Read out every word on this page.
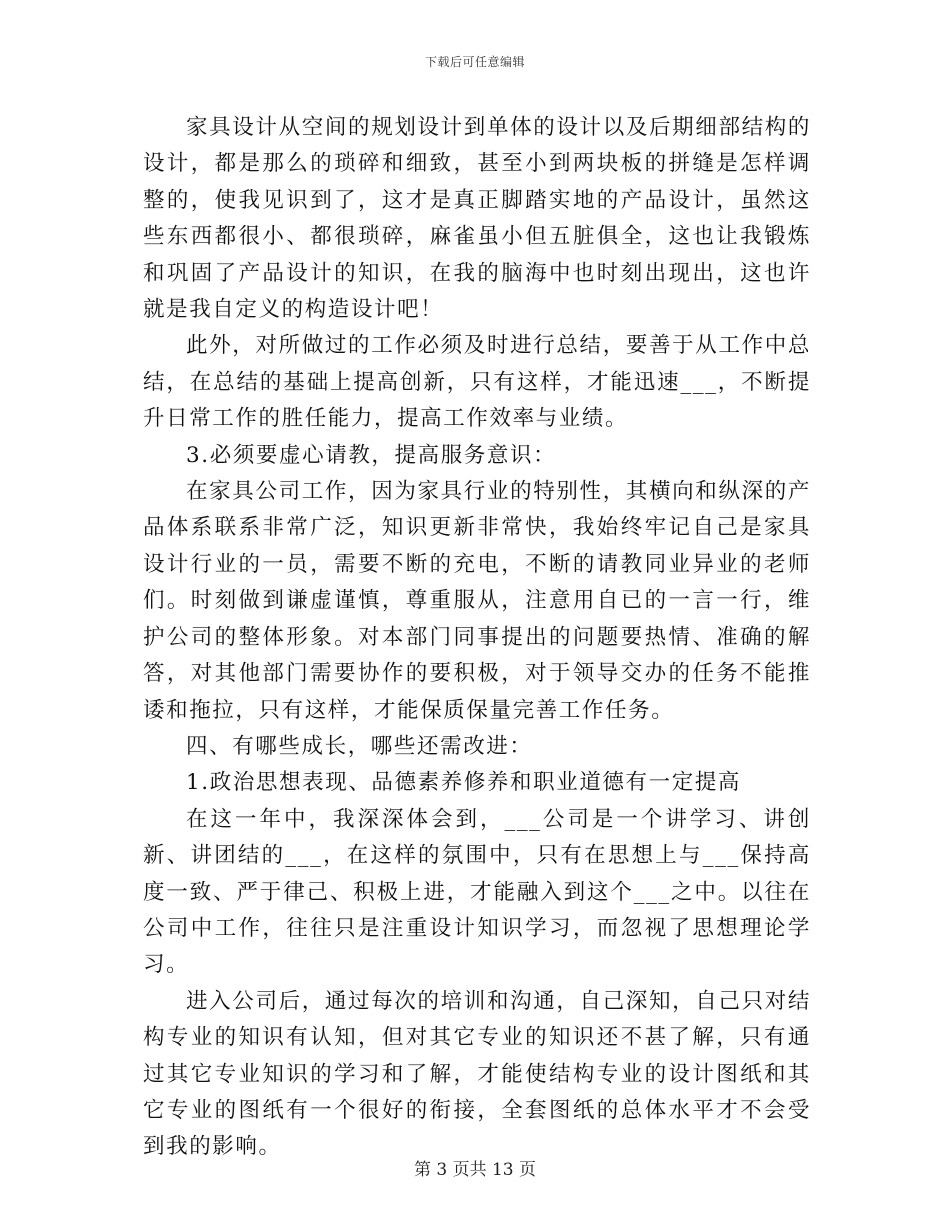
下载后可任意编辑

家具设计从空间的规划设计到单体的设计以及后期细部结构的设计，都是那么的琐碎和细致，甚至小到两块板的拼缝是怎样调整的，使我见识到了，这才是真正脚踏实地的产品设计，虽然这些东西都很小、都很琐碎，麻雀虽小但五脏俱全，这也让我锻炼和巩固了产品设计的知识，在我的脑海中也时刻出现出，这也许就是我自定义的构造设计吧！

此外，对所做过的工作必须及时进行总结，要善于从工作中总结，在总结的基础上提高创新，只有这样，才能迅速___，不断提升日常工作的胜任能力，提高工作效率与业绩。

3.必须要虚心请教，提高服务意识：

在家具公司工作，因为家具行业的特别性，其横向和纵深的产品体系联系非常广泛，知识更新非常快，我始终牢记自己是家具设计行业的一员，需要不断的充电，不断的请教同业异业的老师们。时刻做到谦虚谨慎，尊重服从，注意用自已的一言一行，维护公司的整体形象。对本部门同事提出的问题要热情、准确的解答，对其他部门需要协作的要积极，对于领导交办的任务不能推诿和拖拉，只有这样，才能保质保量完善工作任务。

四、有哪些成长，哪些还需改进：

1.政治思想表现、品德素养修养和职业道德有一定提高

在这一年中，我深深体会到，___公司是一个讲学习、讲创新、讲团结的___，在这样的氛围中，只有在思想上与___保持高度一致、严于律己、积极上进，才能融入到这个___之中。以往在公司中工作，往往只是注重设计知识学习，而忽视了思想理论学习。

进入公司后，通过每次的培训和沟通，自己深知，自己只对结构专业的知识有认知，但对其它专业的知识还不甚了解，只有通过其它专业知识的学习和了解，才能使结构专业的设计图纸和其它专业的图纸有一个很好的衔接，全套图纸的总体水平才不会受到我的影响。

第 3 页共 13 页
